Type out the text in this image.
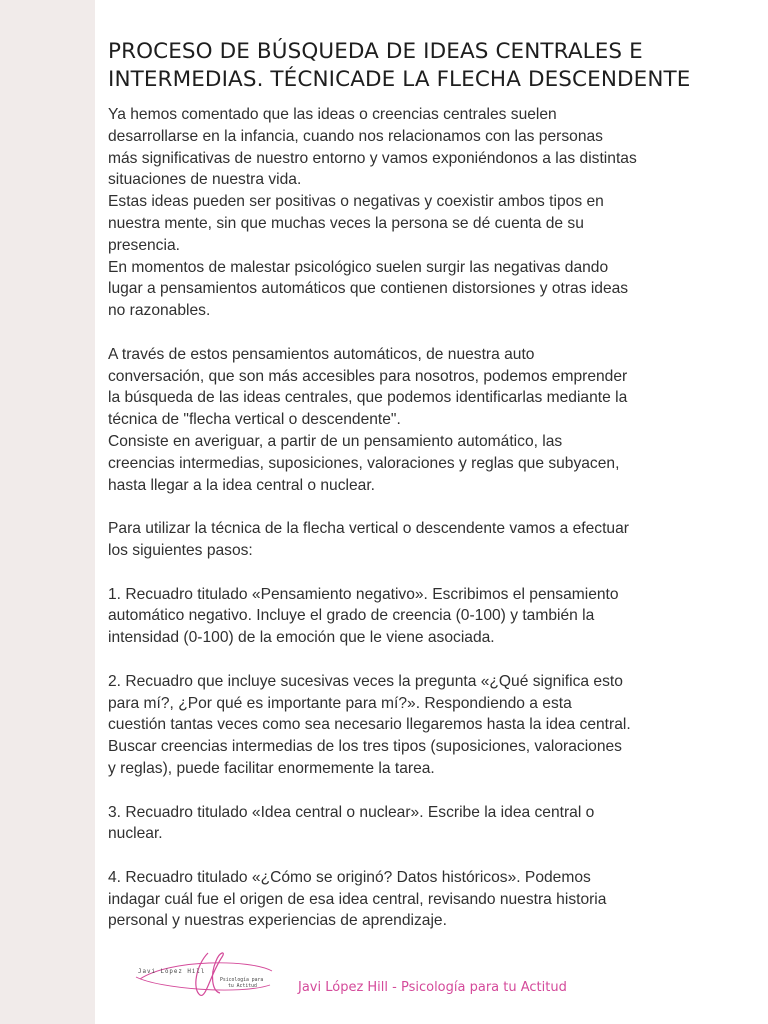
PROCESO DE BÚSQUEDA DE IDEAS CENTRALES E
INTERMEDIAS. TÉCNICADE LA FLECHA DESCENDENTE
Ya hemos comentado que las ideas o creencias centrales suelen
desarrollarse en la infancia, cuando nos relacionamos con las personas
más significativas de nuestro entorno y vamos exponiéndonos a las distintas
situaciones de nuestra vida.
Estas ideas pueden ser positivas o negativas y coexistir ambos tipos en
nuestra mente, sin que muchas veces la persona se dé cuenta de su
presencia.
En momentos de malestar psicológico suelen surgir las negativas dando
lugar a pensamientos automáticos que contienen distorsiones y otras ideas
no razonables.
A través de estos pensamientos automáticos, de nuestra auto
conversación, que son más accesibles para nosotros, podemos emprender
la búsqueda de las ideas centrales, que podemos identificarlas mediante la
técnica de "flecha vertical o descendente".
Consiste en averiguar, a partir de un pensamiento automático, las
creencias intermedias, suposiciones, valoraciones y reglas que subyacen,
hasta llegar a la idea central o nuclear.
Para utilizar la técnica de la flecha vertical o descendente vamos a efectuar
los siguientes pasos:
1. Recuadro titulado «Pensamiento negativo». Escribimos el pensamiento
automático negativo. Incluye el grado de creencia (0-100) y también la
intensidad (0-100) de la emoción que le viene asociada.
2. Recuadro que incluye sucesivas veces la pregunta «¿Qué significa esto
para mí?, ¿Por qué es importante para mí?». Respondiendo a esta
cuestión tantas veces como sea necesario llegaremos hasta la idea central.
Buscar creencias intermedias de los tres tipos (suposiciones, valoraciones
y reglas), puede facilitar enormemente la tarea.
3. Recuadro titulado «Idea central o nuclear». Escribe la idea central o
nuclear.
4. Recuadro titulado «¿Cómo se originó? Datos históricos». Podemos
indagar cuál fue el origen de esa idea central, revisando nuestra historia
personal y nuestras experiencias de aprendizaje.
Javi López Hill
Psicología para
tu Actitud	Javi López Hill - Psicología para tu Actitud
